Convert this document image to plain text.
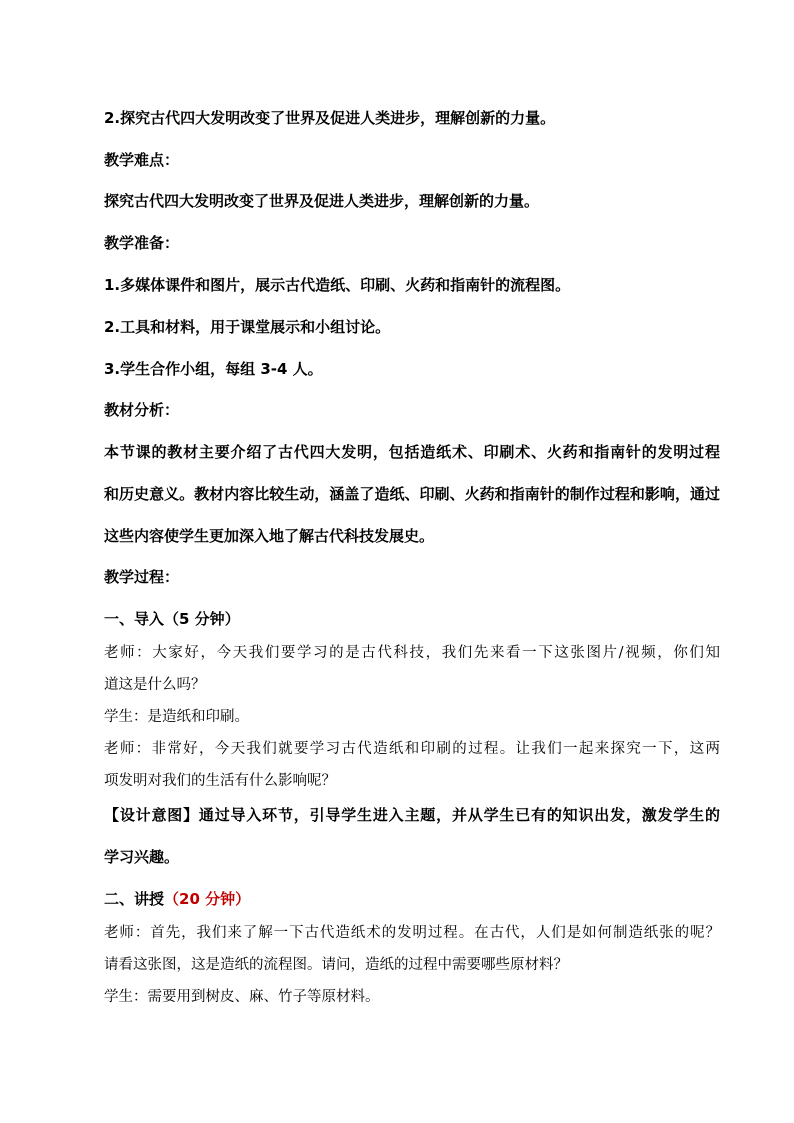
2.探究古代四大发明改变了世界及促进人类进步，理解创新的力量。
教学难点：
探究古代四大发明改变了世界及促进人类进步，理解创新的力量。
教学准备：
1.多媒体课件和图片，展示古代造纸、印刷、火药和指南针的流程图。
2.工具和材料，用于课堂展示和小组讨论。
3.学生合作小组，每组 3-4 人。
教材分析：
本节课的教材主要介绍了古代四大发明，包括造纸术、印刷术、火药和指南针的发明过程
和历史意义。教材内容比较生动，涵盖了造纸、印刷、火药和指南针的制作过程和影响，通过
这些内容使学生更加深入地了解古代科技发展史。
教学过程：
一、导入（5 分钟）
老师：大家好，今天我们要学习的是古代科技，我们先来看一下这张图片/视频，你们知
道这是什么吗？
学生：是造纸和印刷。
老师：非常好，今天我们就要学习古代造纸和印刷的过程。让我们一起来探究一下，这两
项发明对我们的生活有什么影响呢？
【设计意图】通过导入环节，引导学生进入主题，并从学生已有的知识出发，激发学生的
学习兴趣。
二、讲授（20 分钟）
老师：首先，我们来了解一下古代造纸术的发明过程。在古代，人们是如何制造纸张的呢？
请看这张图，这是造纸的流程图。请问，造纸的过程中需要哪些原材料？
学生：需要用到树皮、麻、竹子等原材料。
